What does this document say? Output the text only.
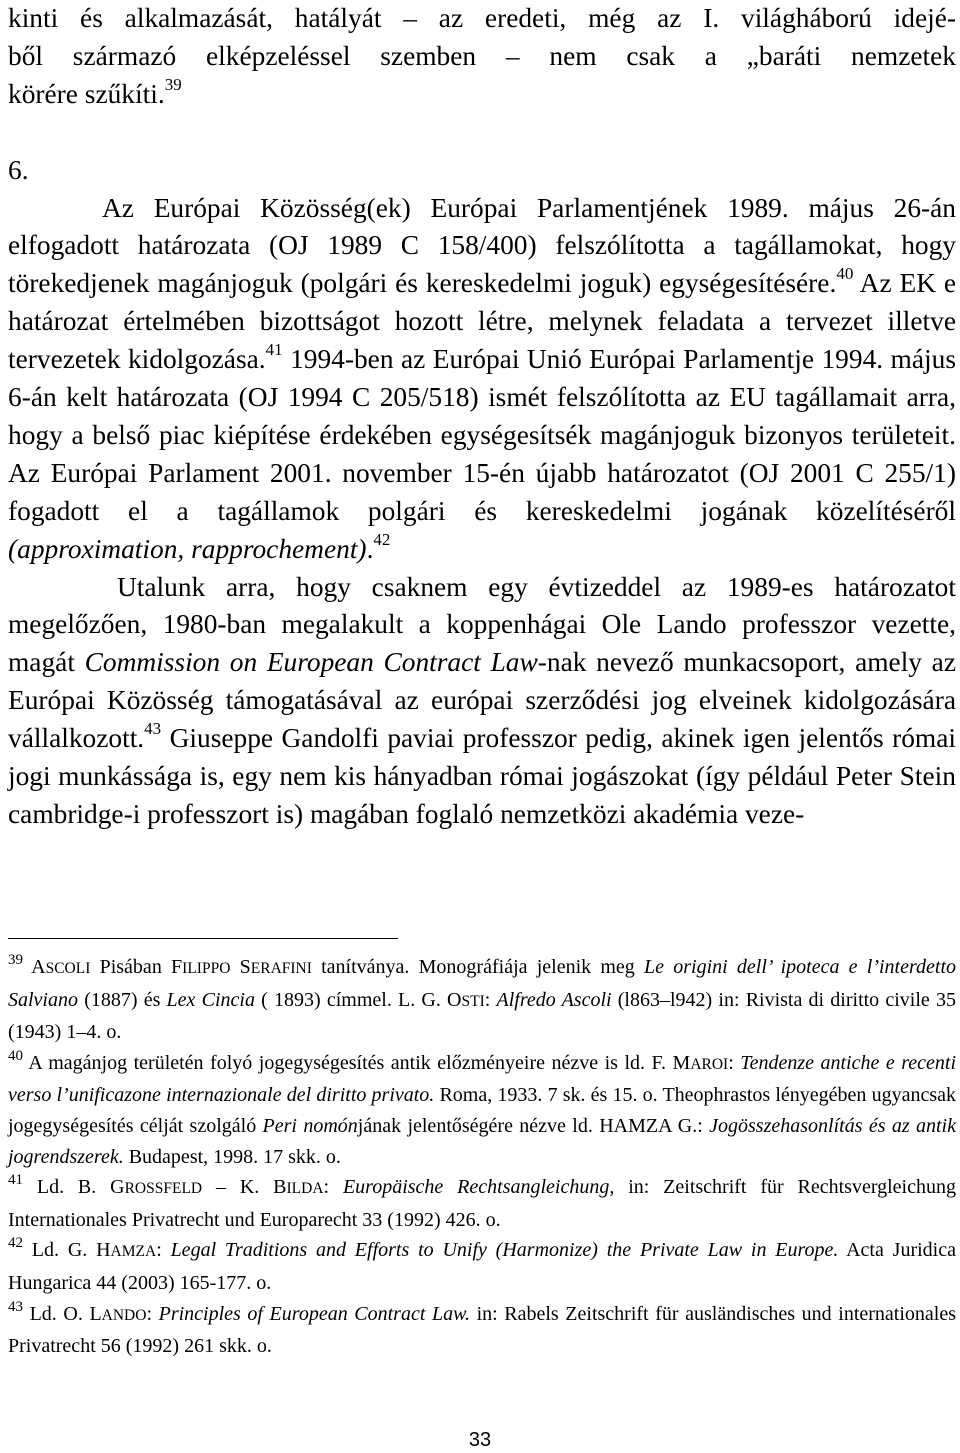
kinti és alkalmazását, hatályát – az eredeti, még az I. világháború idejé-

ből származó elképzeléssel szemben – nem csak a „baráti nemzetek

körére szűkíti.$^{39}$

6.

Az Európai Közösség(ek) Európai Parlamentjének 1989. május 26-án elfogadott határozata (OJ 1989 C 158/400) felszólította a tagállamokat, hogy törekedjenek magánjoguk (polgári és kereskedelmi joguk) egységesítésére.$^{40}$ Az EK e határozat értelmében bizottságot hozott létre, melynek feladata a tervezet illetve tervezetek kidolgozása.$^{41}$ 1994-ben az Európai Unió Európai Parlamentje 1994. május 6-án kelt határozata (OJ 1994 C 205/518) ismét felszólította az EU tagállamait arra, hogy a belső piac kiépítése érdekében egységesítsék magánjoguk bizonyos területeit. Az Európai Parlament 2001. november 15-én újabb határozatot (OJ 2001 C 255/1) fogadott el a tagállamok polgári és kereskedelmi jogának közelítéséről (approximation, rapprochement).$^{42}$

Utalunk arra, hogy csaknem egy évtizeddel az 1989-es határozatot megelőzően, 1980-ban megalakult a koppenhágai Ole Lando professzor vezette, magát Commission on European Contract Law-nak nevező munkacsoport, amely az Európai Közösség támogatásával az európai szerződési jog elveinek kidolgozására vállalkozott.$^{43}$ Giuseppe Gandolfi paviai professzor pedig, akinek igen jelentős római jogi munkássága is, egy nem kis hányadban római jogászokat (így például Peter Stein cambridge-i professzort is) magában foglaló nemzetközi akadémia veze-

$^{39}$ ASCOLI Pisában FILIPPO SERAFINI tanítványa. Monográfiája jelenik meg Le origini dell’ ipoteca e l’interdetto Salviano (1887) és Lex Cincia ( 1893) címmel. L. G. OSTI: Alfredo Ascoli (l863–l942) in: Rivista di diritto civile 35 (1943) 1–4. o.

$^{40}$ A magánjog területén folyó jogegységesítés antik előzményeire nézve is ld. F. MAROI: Tendenze antiche e recenti verso l’unificazone internazionale del diritto privato. Roma, 1933. 7 sk. és 15. o. Theophrastos lényegében ugyancsak jogegységesítés célját szolgáló Peri nomónjának jelentőségére nézve ld. HAMZA G.: Jogösszehasonlítás és az antik jogrendszerek. Budapest, 1998. 17 skk. o.

$^{41}$ Ld. B. GROSSFELD – K. BILDA: Europäische Rechtsangleichung, in: Zeitschrift für Rechtsvergleichung Internationales Privatrecht und Europarecht 33 (1992) 426. o.

$^{42}$ Ld. G. HAMZA: Legal Traditions and Efforts to Unify (Harmonize) the Private Law in Europe. Acta Juridica Hungarica 44 (2003) 165-177. o.

$^{43}$ Ld. O. LANDO: Principles of European Contract Law. in: Rabels Zeitschrift für ausländisches und internationales Privatrecht 56 (1992) 261 skk. o.

33
